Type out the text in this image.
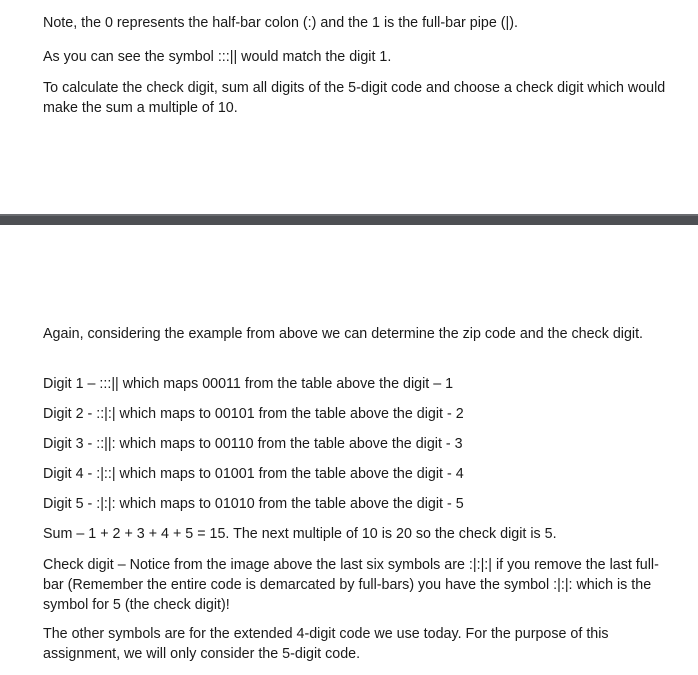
Note, the 0 represents the half-bar colon (:) and the 1 is the full-bar pipe (|).

As you can see the symbol :::|| would match the digit 1.

To calculate the check digit, sum all digits of the 5-digit code and choose a check digit which would make the sum a multiple of 10.

Again, considering the example from above we can determine the zip code and the check digit.

Digit 1 – :::|| which maps 00011 from the table above the digit – 1

Digit 2 - ::|:| which maps to 00101 from the table above the digit - 2

Digit 3 - ::||: which maps to 00110 from the table above the digit - 3

Digit 4 - :|::| which maps to 01001 from the table above the digit - 4

Digit 5 - :|:|: which maps to 01010 from the table above the digit - 5

Sum – 1 + 2 + 3 + 4 + 5 = 15. The next multiple of 10 is 20 so the check digit is 5.

Check digit – Notice from the image above the last six symbols are :|:|:| if you remove the last full-bar (Remember the entire code is demarcated by full-bars) you have the symbol :|:|: which is the symbol for 5 (the check digit)!

The other symbols are for the extended 4-digit code we use today. For the purpose of this assignment, we will only consider the 5-digit code.
